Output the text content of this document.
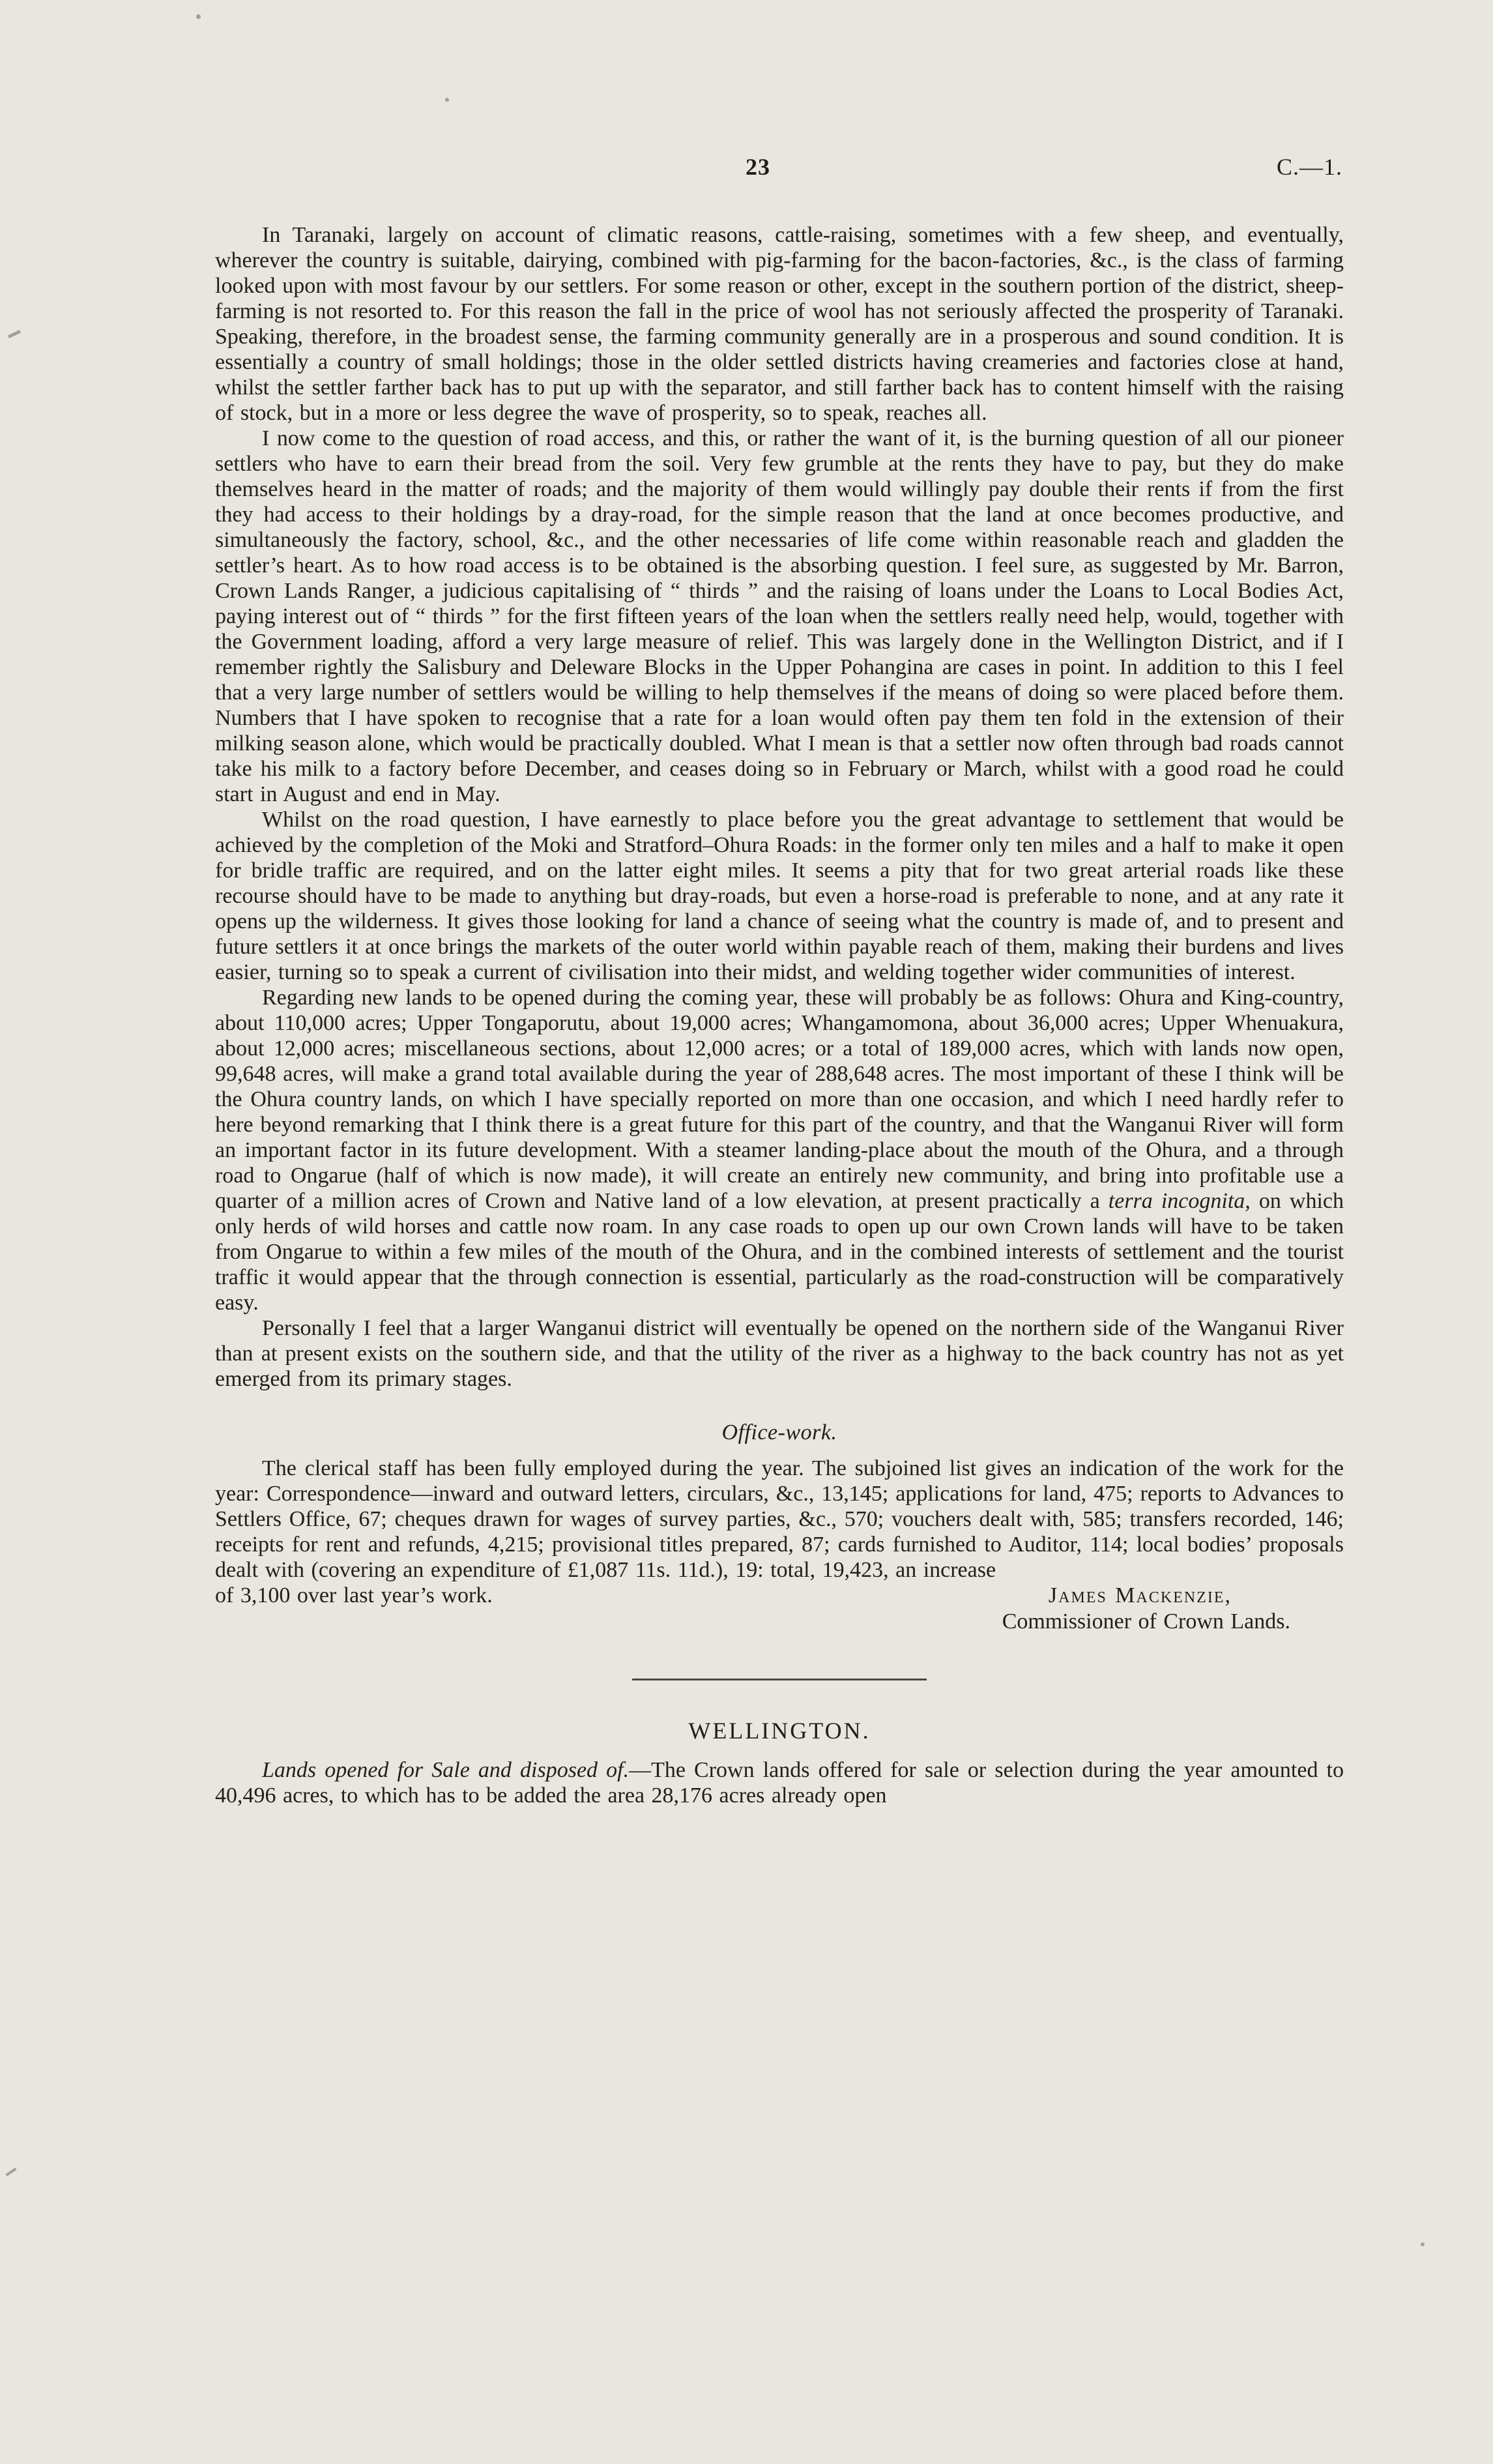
23	C.—1.

In Taranaki, largely on account of climatic reasons, cattle-raising, sometimes with a few sheep, and eventually, wherever the country is suitable, dairying, combined with pig-farming for the bacon-factories, &c., is the class of farming looked upon with most favour by our settlers. For some reason or other, except in the southern portion of the district, sheep-farming is not resorted to. For this reason the fall in the price of wool has not seriously affected the prosperity of Taranaki. Speaking, therefore, in the broadest sense, the farming community generally are in a prosperous and sound condition. It is essentially a country of small holdings; those in the older settled districts having creameries and factories close at hand, whilst the settler farther back has to put up with the separator, and still farther back has to content himself with the raising of stock, but in a more or less degree the wave of prosperity, so to speak, reaches all.

I now come to the question of road access, and this, or rather the want of it, is the burning question of all our pioneer settlers who have to earn their bread from the soil. Very few grumble at the rents they have to pay, but they do make themselves heard in the matter of roads; and the majority of them would willingly pay double their rents if from the first they had access to their holdings by a dray-road, for the simple reason that the land at once becomes productive, and simultaneously the factory, school, &c., and the other necessaries of life come within reasonable reach and gladden the settler’s heart. As to how road access is to be obtained is the absorbing question. I feel sure, as suggested by Mr. Barron, Crown Lands Ranger, a judicious capitalising of “ thirds ” and the raising of loans under the Loans to Local Bodies Act, paying interest out of “ thirds ” for the first fifteen years of the loan when the settlers really need help, would, together with the Government loading, afford a very large measure of relief. This was largely done in the Wellington District, and if I remember rightly the Salisbury and Deleware Blocks in the Upper Pohangina are cases in point. In addition to this I feel that a very large number of settlers would be willing to help themselves if the means of doing so were placed before them. Numbers that I have spoken to recognise that a rate for a loan would often pay them ten fold in the extension of their milking season alone, which would be practically doubled. What I mean is that a settler now often through bad roads cannot take his milk to a factory before December, and ceases doing so in February or March, whilst with a good road he could start in August and end in May.

Whilst on the road question, I have earnestly to place before you the great advantage to settlement that would be achieved by the completion of the Moki and Stratford–Ohura Roads: in the former only ten miles and a half to make it open for bridle traffic are required, and on the latter eight miles. It seems a pity that for two great arterial roads like these recourse should have to be made to anything but dray-roads, but even a horse-road is preferable to none, and at any rate it opens up the wilderness. It gives those looking for land a chance of seeing what the country is made of, and to present and future settlers it at once brings the markets of the outer world within payable reach of them, making their burdens and lives easier, turning so to speak a current of civilisation into their midst, and welding together wider communities of interest.

Regarding new lands to be opened during the coming year, these will probably be as follows: Ohura and King-country, about 110,000 acres; Upper Tongaporutu, about 19,000 acres; Whangamomona, about 36,000 acres; Upper Whenuakura, about 12,000 acres; miscellaneous sections, about 12,000 acres; or a total of 189,000 acres, which with lands now open, 99,648 acres, will make a grand total available during the year of 288,648 acres. The most important of these I think will be the Ohura country lands, on which I have specially reported on more than one occasion, and which I need hardly refer to here beyond remarking that I think there is a great future for this part of the country, and that the Wanganui River will form an important factor in its future development. With a steamer landing-place about the mouth of the Ohura, and a through road to Ongarue (half of which is now made), it will create an entirely new community, and bring into profitable use a quarter of a million acres of Crown and Native land of a low elevation, at present practically a terra incognita, on which only herds of wild horses and cattle now roam. In any case roads to open up our own Crown lands will have to be taken from Ongarue to within a few miles of the mouth of the Ohura, and in the combined interests of settlement and the tourist traffic it would appear that the through connection is essential, particularly as the road-construction will be comparatively easy.

Personally I feel that a larger Wanganui district will eventually be opened on the northern side of the Wanganui River than at present exists on the southern side, and that the utility of the river as a highway to the back country has not as yet emerged from its primary stages.

Office-work.

The clerical staff has been fully employed during the year. The subjoined list gives an indication of the work for the year: Correspondence—inward and outward letters, circulars, &c., 13,145; applications for land, 475; reports to Advances to Settlers Office, 67; cheques drawn for wages of survey parties, &c., 570; vouchers dealt with, 585; transfers recorded, 146; receipts for rent and refunds, 4,215; provisional titles prepared, 87; cards furnished to Auditor, 114; local bodies’ proposals dealt with (covering an expenditure of £1,087 11s. 11d.), 19: total, 19,423, an increase

of 3,100 over last year’s work.	James Mackenzie,
Commissioner of Crown Lands.
WELLINGTON.

Lands opened for Sale and disposed of.—The Crown lands offered for sale or selection during the year amounted to 40,496 acres, to which has to be added the area 28,176 acres already open
